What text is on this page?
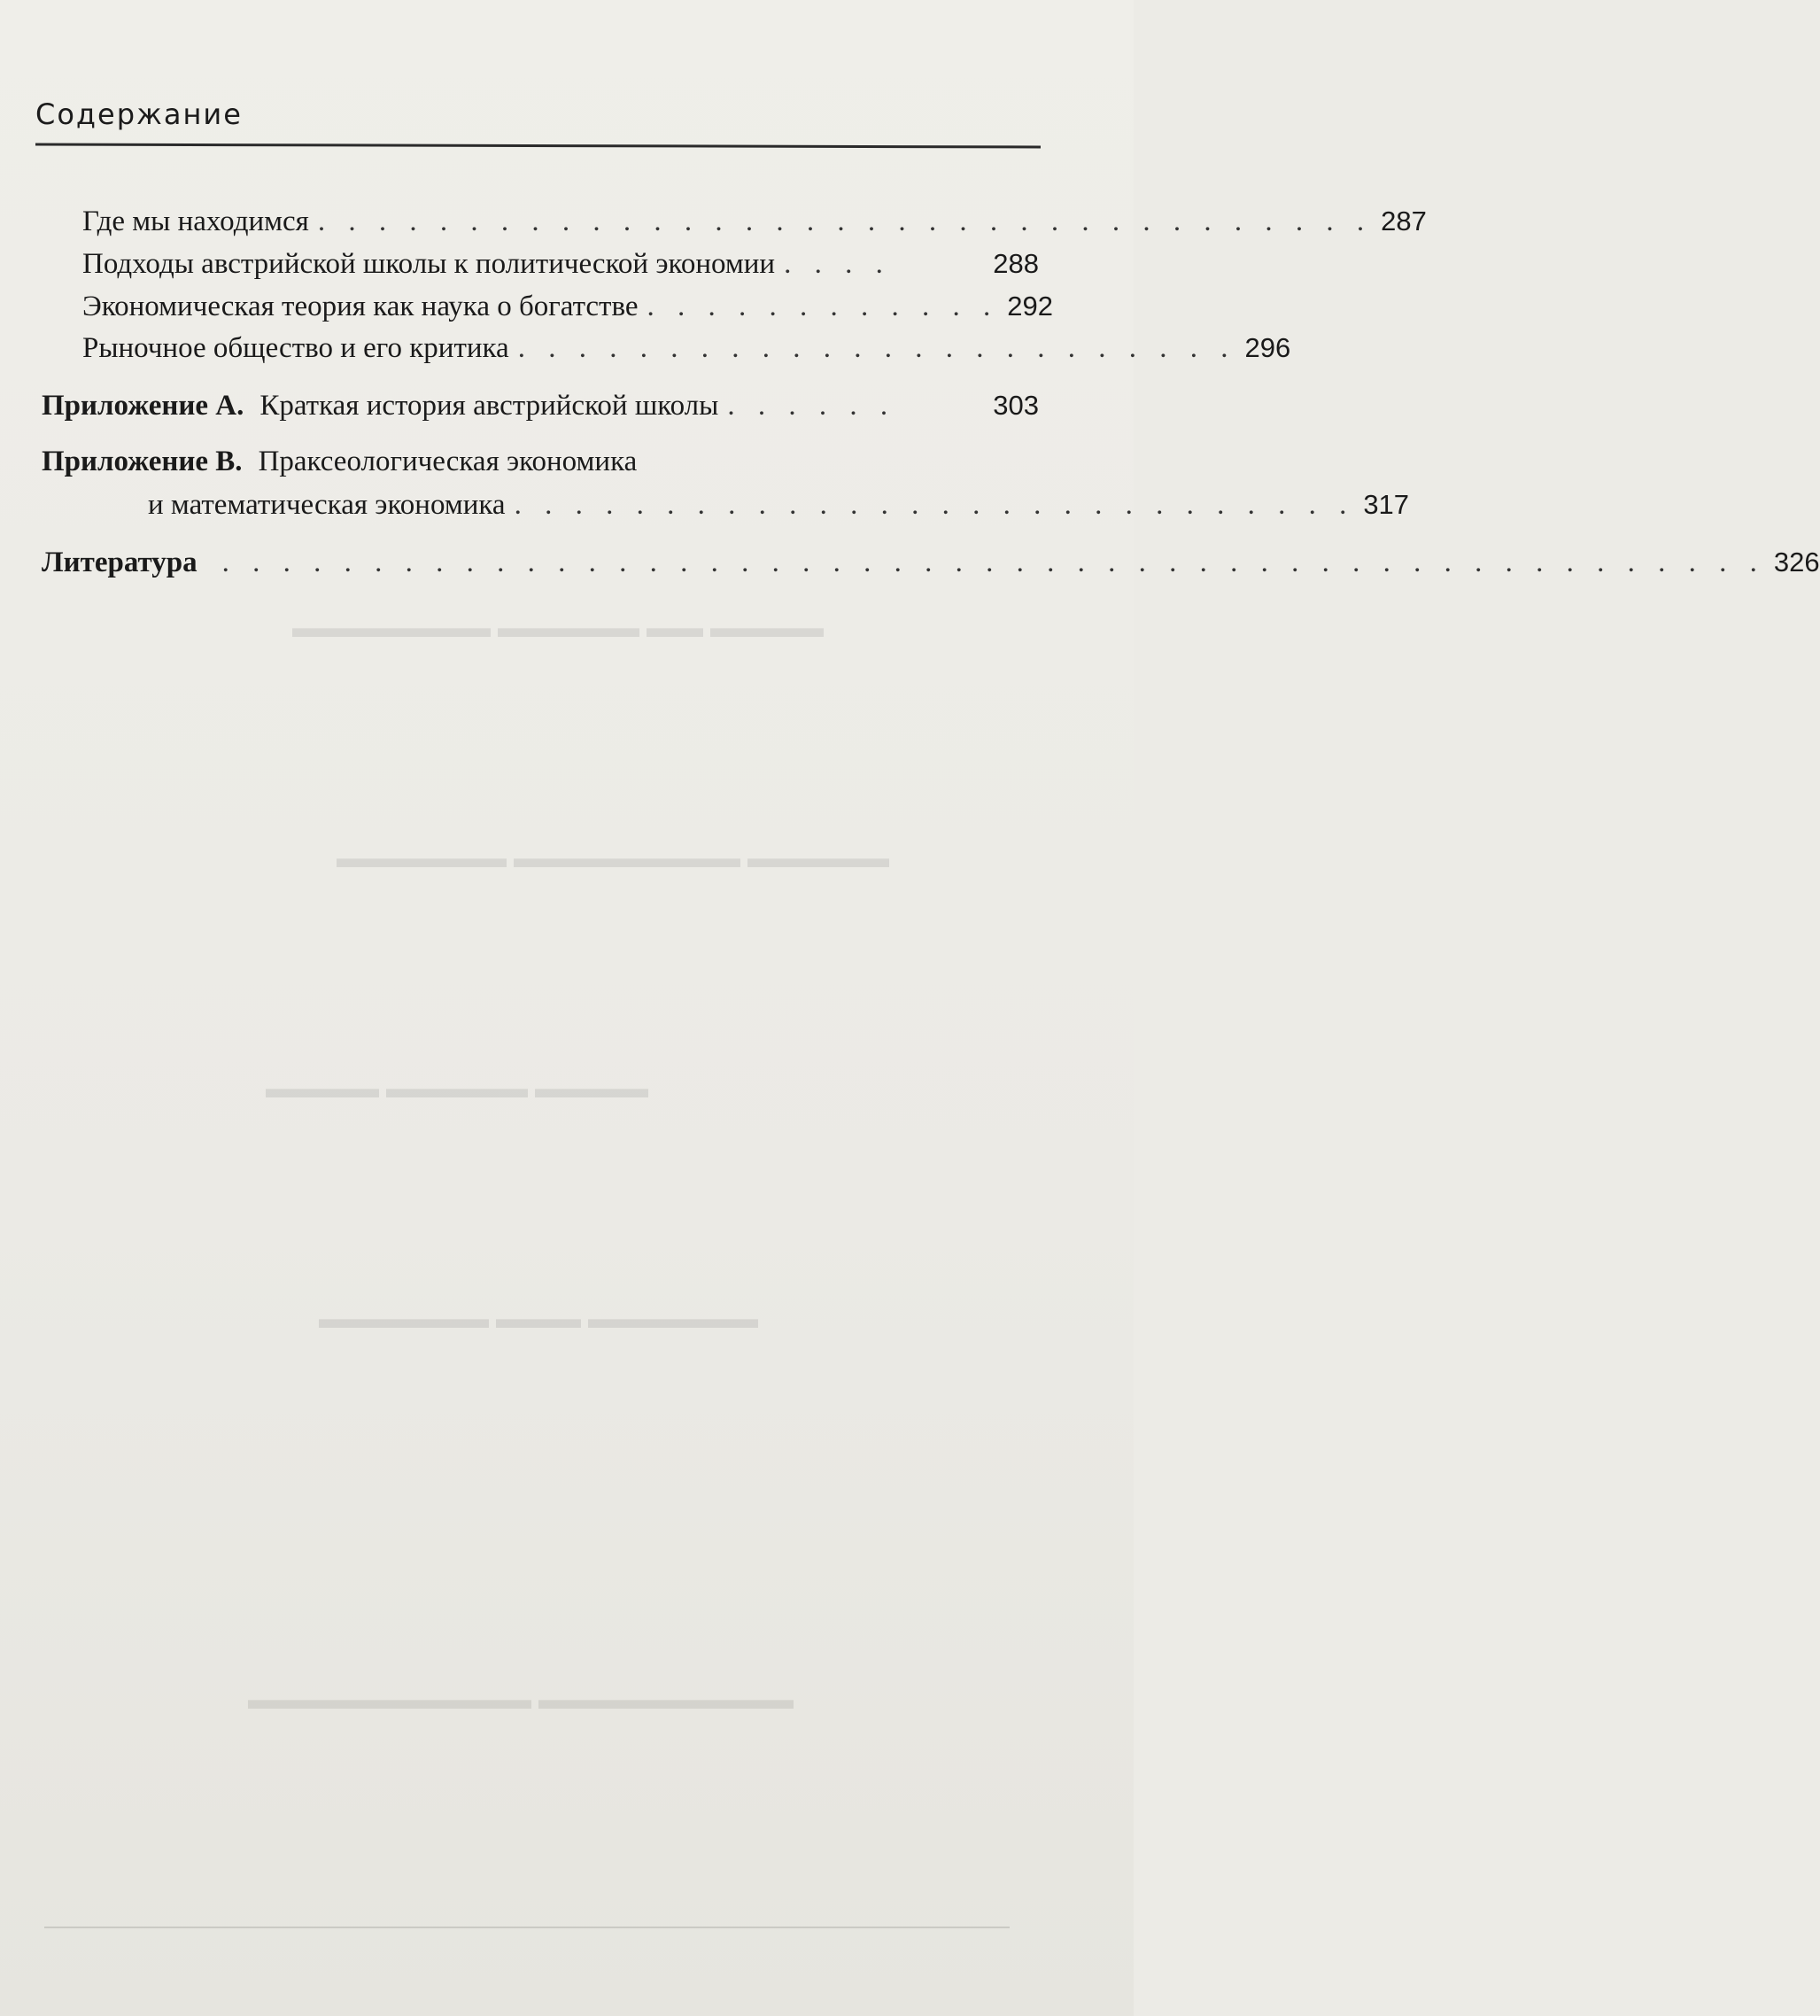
▬▬▬▬ ▬▬ ▬▬▬▬▬ ▬▬▬▬▬▬▬
▬▬▬▬▬ ▬▬▬▬▬▬▬▬ ▬▬▬▬▬▬
▬▬▬▬ ▬▬▬▬▬ ▬▬▬▬
▬▬▬▬▬▬ ▬▬▬ ▬▬▬▬▬▬
▬▬▬▬▬▬▬▬▬ ▬▬▬▬▬▬▬▬▬▬
Содержание
Где мы находимся . . . . . . . . . . . . . . . . . . . . . . . . . . . . . . . . . . . 287
Подходы австрийской школы к политической экономии . . . .	288
Экономическая теория как наука о богатстве . . . . . . . . . . . . 292
Рыночное общество и его критика . . . . . . . . . . . . . . . . . . . . . . . . 296
Приложение А. Краткая история австрийской школы . . . . . .	303
Приложение В. Праксеологическая экономика
и математическая экономика . . . . . . . . . . . . . . . . . . . . . . . . . . . . 317
Литература . . . . . . . . . . . . . . . . . . . . . . . . . . . . . . . . . . . . . . . . . . . . . . . . . . . 326
